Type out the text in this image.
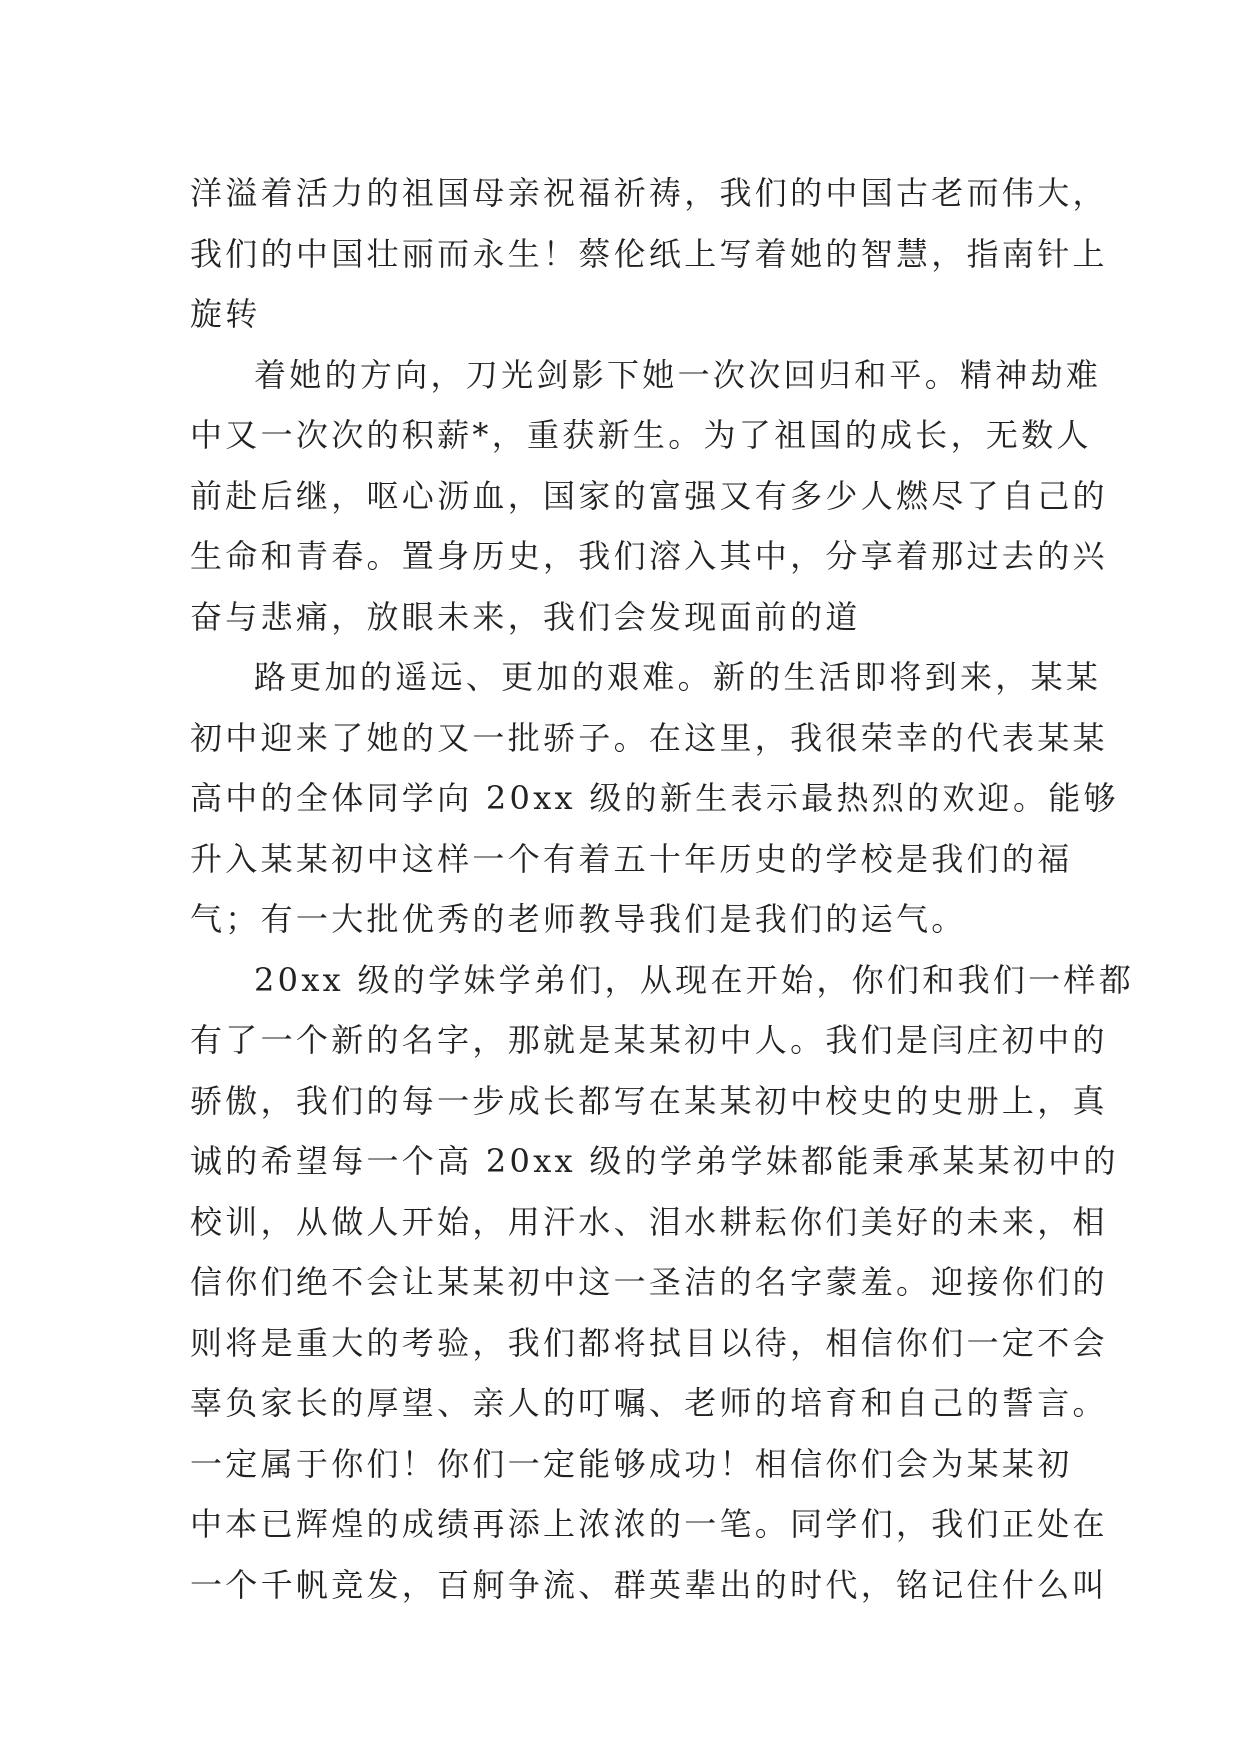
洋溢着活力的祖国母亲祝福祈祷，我们的中国古老而伟大，
我们的中国壮丽而永生！蔡伦纸上写着她的智慧，指南针上
旋转
着她的方向，刀光剑影下她一次次回归和平。精神劫难
中又一次次的积薪*，重获新生。为了祖国的成长，无数人
前赴后继，呕心沥血，国家的富强又有多少人燃尽了自己的
生命和青春。置身历史，我们溶入其中，分享着那过去的兴
奋与悲痛，放眼未来，我们会发现面前的道
路更加的遥远、更加的艰难。新的生活即将到来，某某
初中迎来了她的又一批骄子。在这里，我很荣幸的代表某某
高中的全体同学向 20xx 级的新生表示最热烈的欢迎。能够
升入某某初中这样一个有着五十年历史的学校是我们的福
气；有一大批优秀的老师教导我们是我们的运气。
20xx 级的学妹学弟们，从现在开始，你们和我们一样都
有了一个新的名字，那就是某某初中人。我们是闫庄初中的
骄傲，我们的每一步成长都写在某某初中校史的史册上，真
诚的希望每一个高 20xx 级的学弟学妹都能秉承某某初中的
校训，从做人开始，用汗水、泪水耕耘你们美好的未来，相
信你们绝不会让某某初中这一圣洁的名字蒙羞。迎接你们的
则将是重大的考验，我们都将拭目以待，相信你们一定不会
辜负家长的厚望、亲人的叮嘱、老师的培育和自己的誓言。
一定属于你们！你们一定能够成功！相信你们会为某某初
中本已辉煌的成绩再添上浓浓的一笔。同学们，我们正处在
一个千帆竞发，百舸争流、群英辈出的时代，铭记住什么叫
